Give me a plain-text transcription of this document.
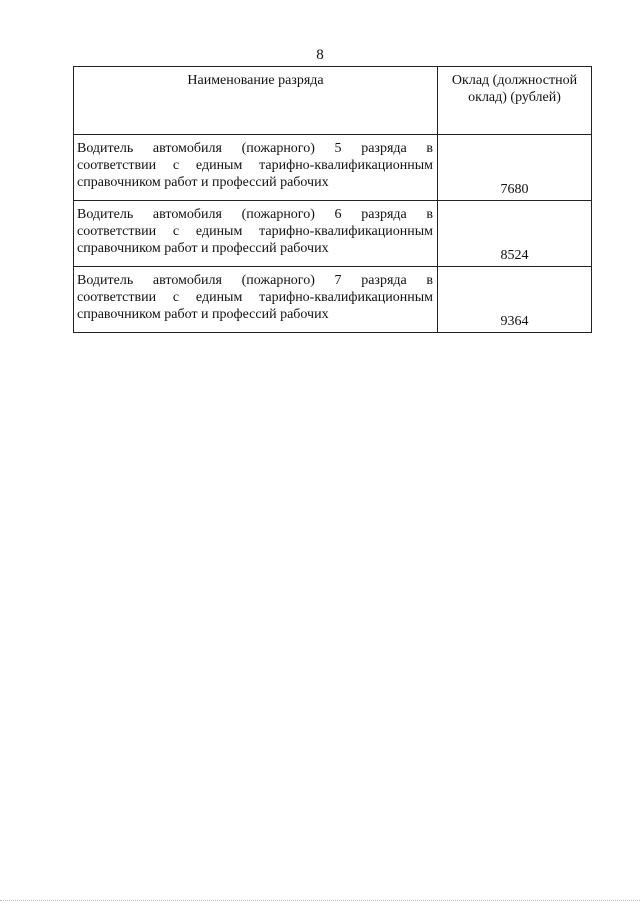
8
Наименование разряда	Оклад (должностной оклад) (рублей)
Водитель автомобиля (пожарного) 5 разряда в соответствии с единым тарифно-квалификационным справочником работ и профессий рабочих	7680
Водитель автомобиля (пожарного) 6 разряда в соответствии с единым тарифно-квалификационным справочником работ и профессий рабочих	8524
Водитель автомобиля (пожарного) 7 разряда в соответствии с единым тарифно-квалификационным справочником работ и профессий рабочих	9364
